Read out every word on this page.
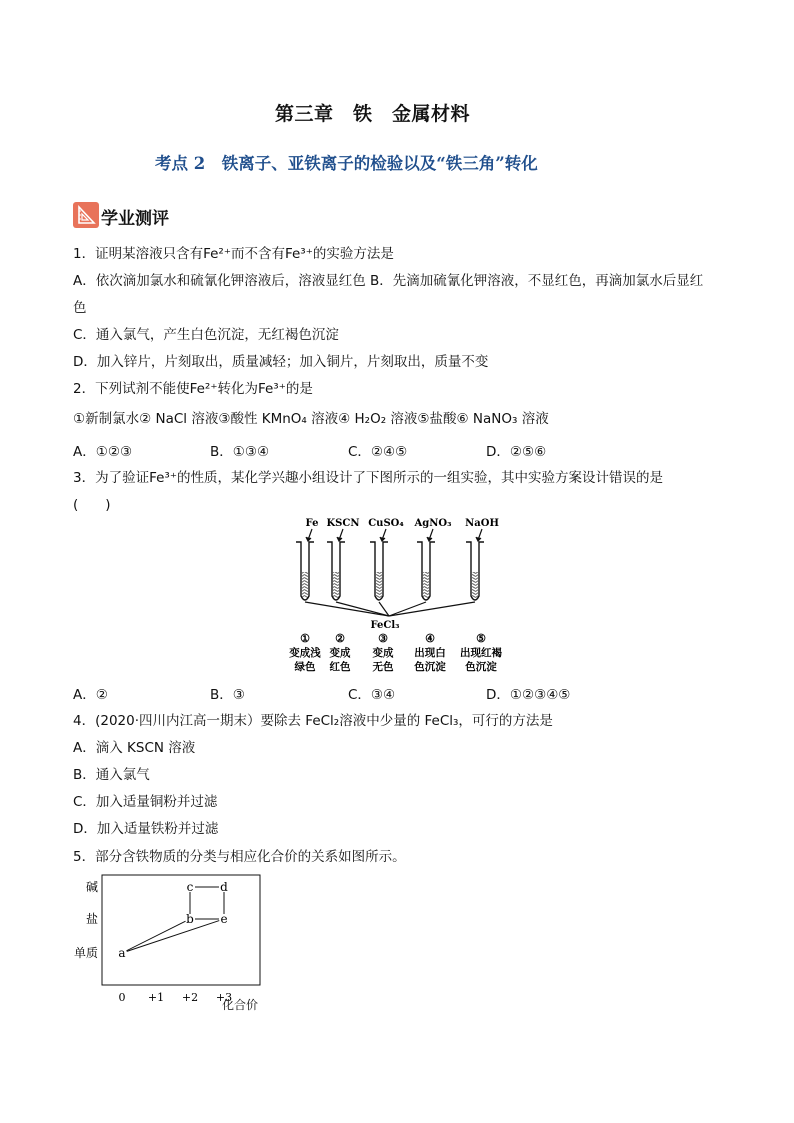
第三章　铁　金属材料
考点 2　铁离子、亚铁离子的检验以及“铁三角”转化
学业测评
1．证明某溶液只含有Fe²⁺而不含有Fe³⁺的实验方法是
A．依次滴加氯水和硫氰化钾溶液后，溶液显红色 B．先滴加硫氰化钾溶液，不显红色，再滴加氯水后显红
色
C．通入氯气，产生白色沉淀，无红褐色沉淀
D．加入锌片，片刻取出，质量减轻；加入铜片，片刻取出，质量不变
2．下列试剂不能使Fe²⁺转化为Fe³⁺的是
①新制氯水② NaCl 溶液③酸性 KMnO₄ 溶液④ H₂O₂ 溶液⑤盐酸⑥ NaNO₃ 溶液
A．①②③	B．①③④	C．②④⑤	D．②⑤⑥
3．为了验证Fe³⁺的性质，某化学兴趣小组设计了下图所示的一组实验，其中实验方案设计错误的是
(　　)
Fe KSCN CuSO₄ AgNO₃ NaOH
FeCl₃
① ②	③	④	⑤
变成浅 变成 变成 出现白 出现红褐
绿色 红色 无色 色沉淀 色沉淀
A．②	B．③	C．③④	D．①②③④⑤
4．(2020·四川内江高一期末）要除去 FeCl₂溶液中少量的 FeCl₃，可行的方法是
A．滴入 KSCN 溶液
B．通入氯气
C．加入适量铜粉并过滤
D．加入适量铁粉并过滤
5．部分含铁物质的分类与相应化合价的关系如图所示。
碱
盐
单质
0 +1 +2 +3
a
b
c d
e
化合价
